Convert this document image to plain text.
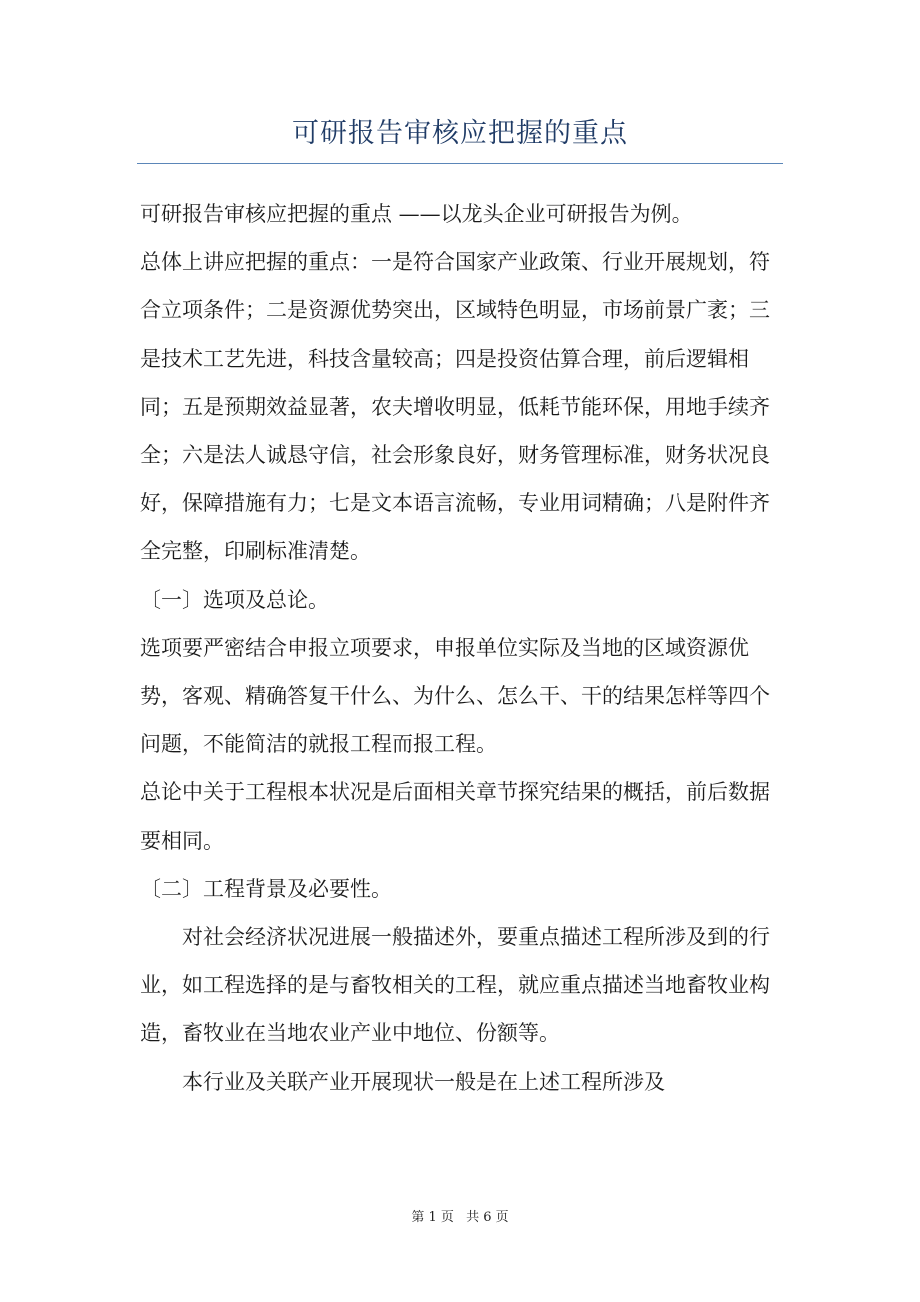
可研报告审核应把握的重点

可研报告审核应把握的重点 ——以龙头企业可研报告为例。

总体上讲应把握的重点：一是符合国家产业政策、行业开展规划，符合立项条件；二是资源优势突出，区域特色明显，市场前景广袤；三是技术工艺先进，科技含量较高；四是投资估算合理，前后逻辑相同；五是预期效益显著，农夫增收明显，低耗节能环保，用地手续齐全；六是法人诚恳守信，社会形象良好，财务管理标准，财务状况良好，保障措施有力；七是文本语言流畅，专业用词精确；八是附件齐全完整，印刷标准清楚。

〔一〕选项及总论。

选项要严密结合申报立项要求，申报单位实际及当地的区域资源优势，客观、精确答复干什么、为什么、怎么干、干的结果怎样等四个问题，不能简洁的就报工程而报工程。

总论中关于工程根本状况是后面相关章节探究结果的概括，前后数据要相同。

〔二〕工程背景及必要性。

对社会经济状况进展一般描述外，要重点描述工程所涉及到的行业，如工程选择的是与畜牧相关的工程，就应重点描述当地畜牧业构造，畜牧业在当地农业产业中地位、份额等。

本行业及关联产业开展现状一般是在上述工程所涉及

第 1 页 共 6 页
